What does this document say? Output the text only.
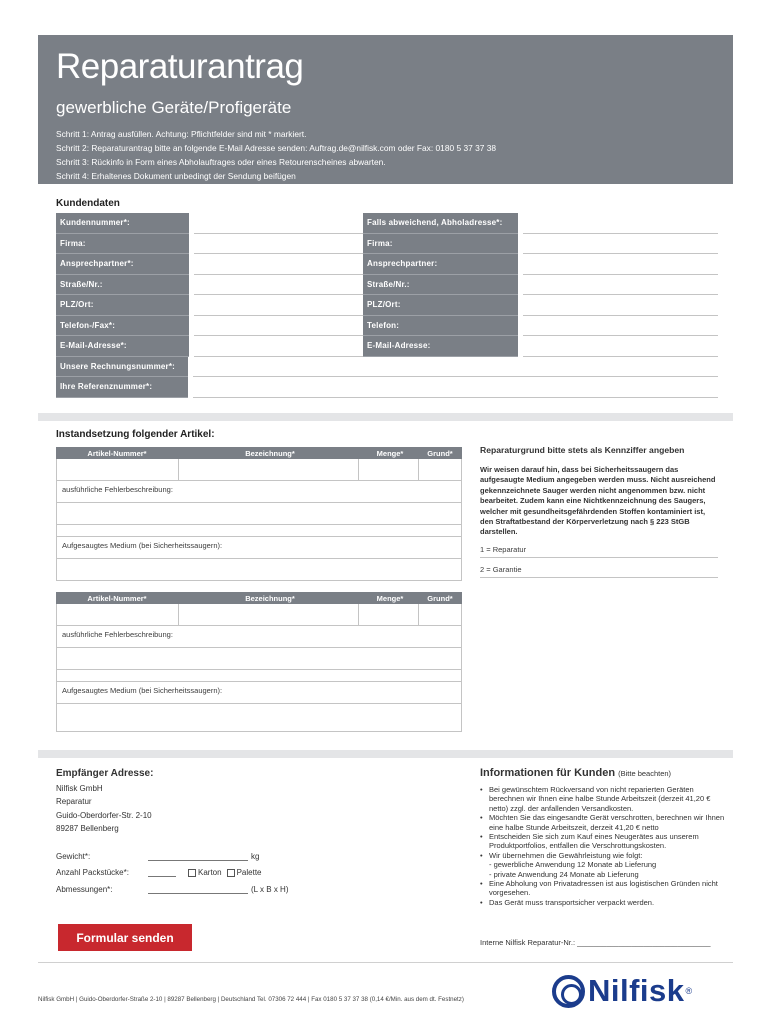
Reparaturantrag
gewerbliche Geräte/Profigeräte
Schritt 1: Antrag ausfüllen. Achtung: Pflichtfelder sind mit * markiert.
Schritt 2: Reparaturantrag bitte an folgende E-Mail Adresse senden: Auftrag.de@nilfisk.com oder Fax: 0180 5 37 37 38
Schritt 3: Rückinfo in Form eines Abholauftrages oder eines Retourenscheines abwarten.
Schritt 4: Erhaltenes Dokument unbedingt der Sendung beifügen
Kundendaten
Kundennummer*:	Falls abweichend, Abholadresse*:
Firma:	Firma:
Ansprechpartner*:	Ansprechpartner:
Straße/Nr.:	Straße/Nr.:
PLZ/Ort:	PLZ/Ort:
Telefon-/Fax*:	Telefon:
E-Mail-Adresse*:	E-Mail-Adresse:
Unsere Rechnungsnummer*:
Ihre Referenznummer*:
Instandsetzung folgender Artikel:
Artikel-Nummer*	Bezeichnung*	Menge*	Grund*
ausführliche Fehlerbeschreibung:
Aufgesaugtes Medium (bei Sicherheitssaugern):
Artikel-Nummer*	Bezeichnung*	Menge*	Grund*
ausführliche Fehlerbeschreibung:
Aufgesaugtes Medium (bei Sicherheitssaugern):
Reparaturgrund bitte stets als Kennziffer angeben
Wir weisen darauf hin, dass bei Sicherheitssaugern das aufgesaugte Medium angegeben werden muss. Nicht ausreichend gekennzeichnete Sauger werden nicht angenommen bzw. nicht bearbeitet. Zudem kann eine Nichtkennzeichnung des Saugers, welcher mit gesundheitsgefährdenden Stoffen kontaminiert ist, den Straftatbestand der Körperverletzung nach § 223 StGB darstellen.
1 = Reparatur
2 = Garantie
Empfänger Adresse:
Nilfisk GmbH
Reparatur
Guido-Oberdorfer-Str. 2-10
89287 Bellenberg
Gewicht*:	kg
Anzahl Packstücke*:	Karton Palette
Abmessungen*:	(L x B x H)
Formular senden
Informationen für Kunden (Bitte beachten)
• Bei gewünschtem Rückversand von nicht reparierten Geräten berechnen wir Ihnen eine halbe Stunde Arbeitszeit (derzeit 41,20 € netto) zzgl. der anfallenden Versandkosten.
• Möchten Sie das eingesandte Gerät verschrotten, berechnen wir Ihnen eine halbe Stunde Arbeitszeit, derzeit 41,20 € netto
• Entscheiden Sie sich zum Kauf eines Neugerätes aus unserem Produktportfolios, entfallen die Verschrottungskosten.
• Wir übernehmen die Gewährleistung wie folgt:
- gewerbliche Anwendung 12 Monate ab Lieferung
- private Anwendung 24 Monate ab Lieferung
• Eine Abholung von Privatadressen ist aus logistischen Gründen nicht vorgesehen.
• Das Gerät muss transportsicher verpackt werden.
Interne Nilfisk Reparatur-Nr.: ________________________________
Nilfisk GmbH | Guido-Oberdorfer-Straße 2-10 | 89287 Bellenberg | Deutschland Tel. 07306 72 444 | Fax 0180 5 37 37 38 (0,14 €/Min. aus dem dt. Festnetz)	Nilfisk ®
